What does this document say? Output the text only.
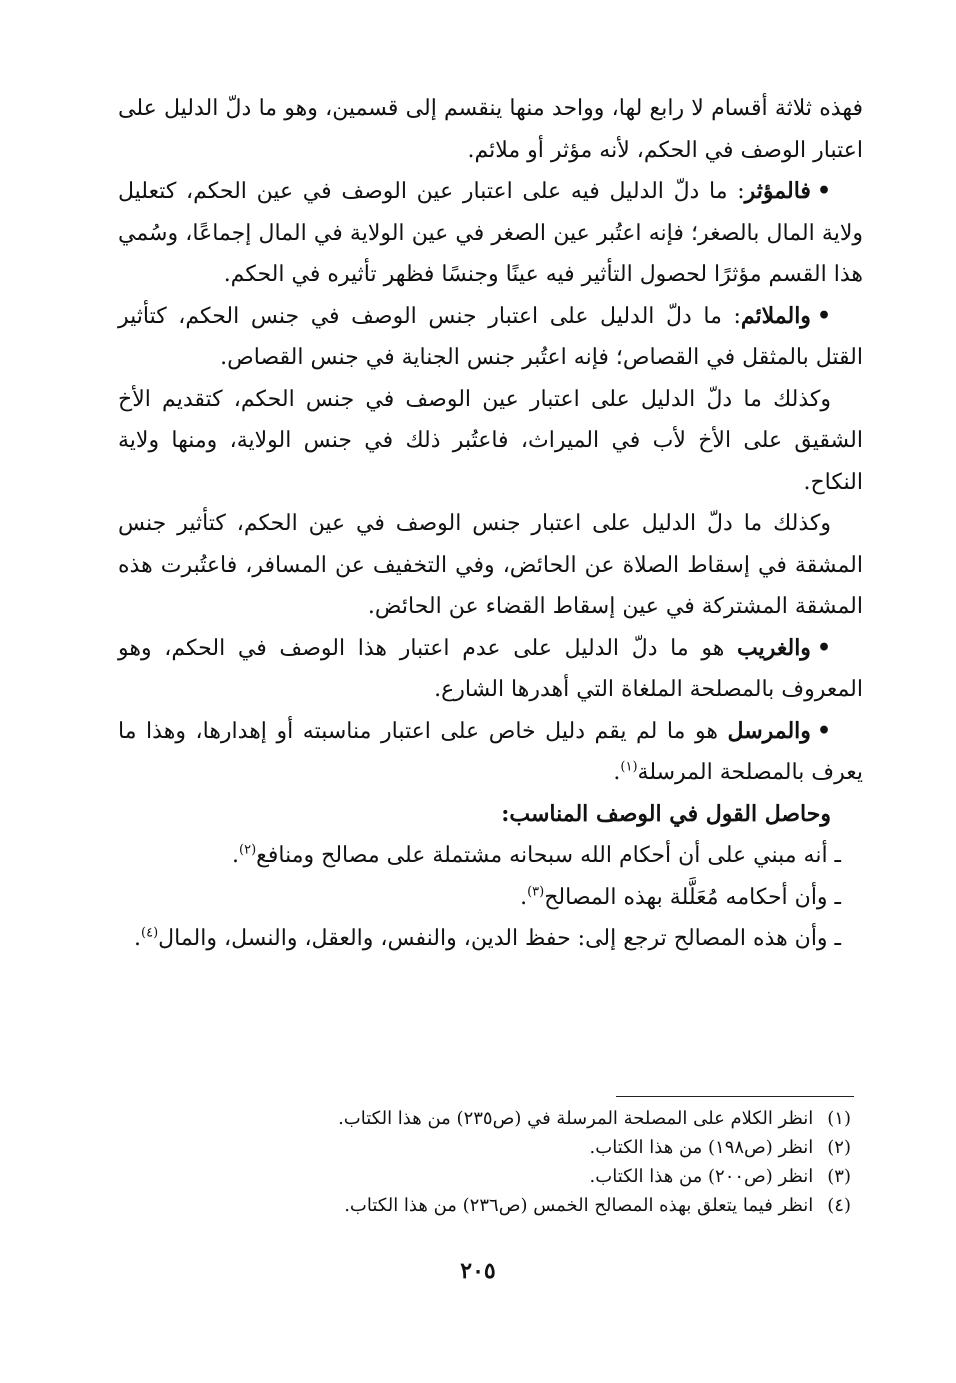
فهذه ثلاثة أقسام لا رابع لها، وواحد منها ينقسم إلى قسمين، وهو ما دلّ الدليل على اعتبار الوصف في الحكم، لأنه مؤثر أو ملائم.

•فالمؤثر: ما دلّ الدليل فيه على اعتبار عين الوصف في عين الحكم، كتعليل ولاية المال بالصغر؛ فإنه اعتُبر عين الصغر في عين الولاية في المال إجماعًا، وسُمي هذا القسم مؤثرًا لحصول التأثير فيه عينًا وجنسًا فظهر تأثيره في الحكم.

•والملائم: ما دلّ الدليل على اعتبار جنس الوصف في جنس الحكم، كتأثير القتل بالمثقل في القصاص؛ فإنه اعتُبر جنس الجناية في جنس القصاص.

وكذلك ما دلّ الدليل على اعتبار عين الوصف في جنس الحكم، كتقديم الأخ الشقيق على الأخ لأب في الميراث، فاعتُبر ذلك في جنس الولاية، ومنها ولاية النكاح.

وكذلك ما دلّ الدليل على اعتبار جنس الوصف في عين الحكم، كتأثير جنس المشقة في إسقاط الصلاة عن الحائض، وفي التخفيف عن المسافر، فاعتُبرت هذه المشقة المشتركة في عين إسقاط القضاء عن الحائض.

•والغريب هو ما دلّ الدليل على عدم اعتبار هذا الوصف في الحكم، وهو المعروف بالمصلحة الملغاة التي أهدرها الشارع.

•والمرسل هو ما لم يقم دليل خاص على اعتبار مناسبته أو إهدارها، وهذا ما يعرف بالمصلحة المرسلة$^{(١)}$.

وحاصل القول في الوصف المناسب:

ـ أنه مبني على أن أحكام الله سبحانه مشتملة على مصالح ومنافع$^{(٢)}$.

ـ وأن أحكامه مُعَلَّلة بهذه المصالح$^{(٣)}$.

ـ وأن هذه المصالح ترجع إلى: حفظ الدين، والنفس، والعقل، والنسل، والمال$^{(٤)}$.

(١)انظر الكلام على المصلحة المرسلة في (ص٢٣٥) من هذا الكتاب.

(٢)انظر (ص١٩٨) من هذا الكتاب.

(٣)انظر (ص٢٠٠) من هذا الكتاب.

(٤)انظر فيما يتعلق بهذه المصالح الخمس (ص٢٣٦) من هذا الكتاب.

٢٠٥
